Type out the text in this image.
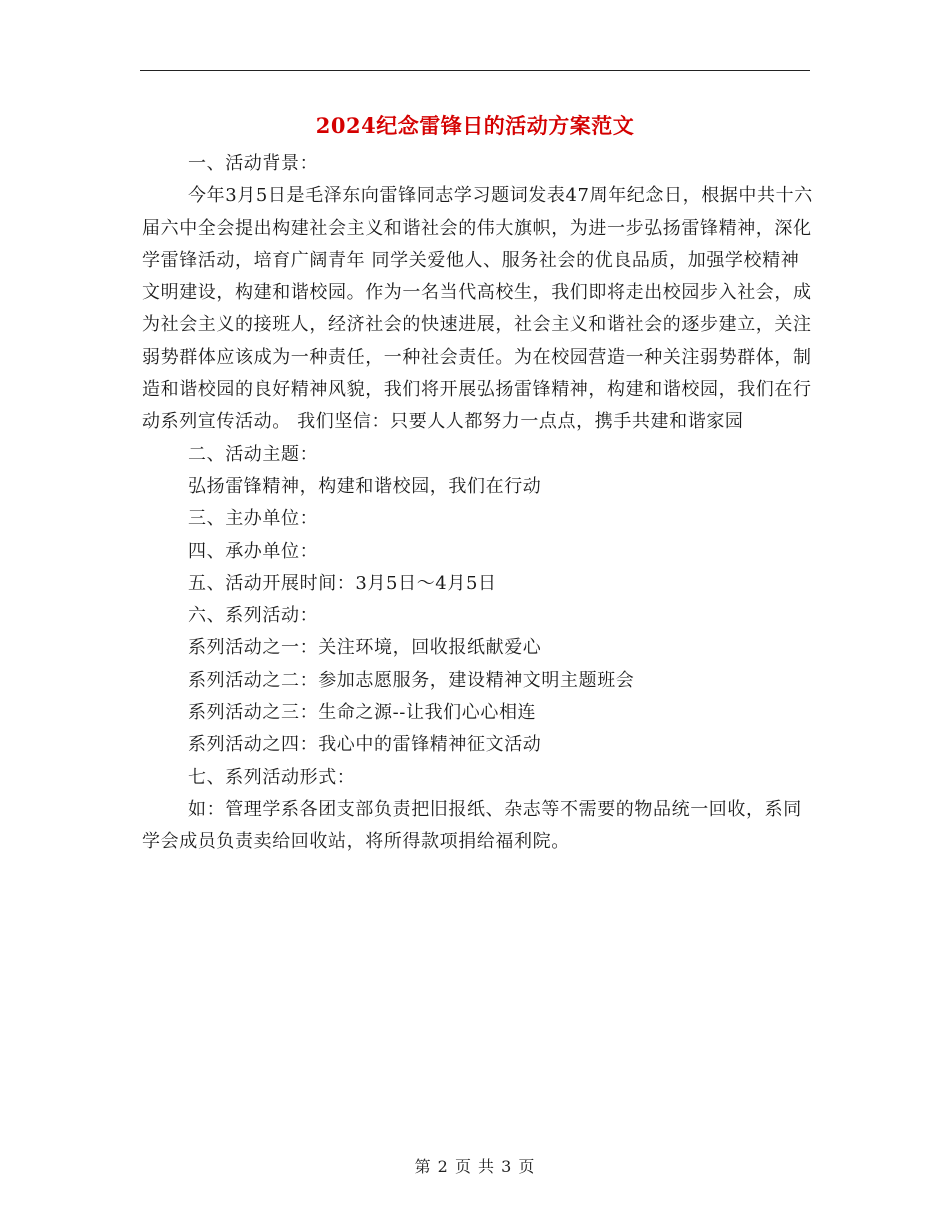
2024纪念雷锋日的活动方案范文

一、活动背景：

今年3月5日是毛泽东向雷锋同志学习题词发表47周年纪念日，根据中共十六届六中全会提出构建社会主义和谐社会的伟大旗帜，为进一步弘扬雷锋精神，深化学雷锋活动，培育广阔青年 同学关爱他人、服务社会的优良品质，加强学校精神文明建设，构建和谐校园。作为一名当代高校生，我们即将走出校园步入社会，成为社会主义的接班人，经济社会的快速进展，社会主义和谐社会的逐步建立，关注弱势群体应该成为一种责任，一种社会责任。为在校园营造一种关注弱势群体，制造和谐校园的良好精神风貌，我们将开展弘扬雷锋精神，构建和谐校园，我们在行动系列宣传活动。 我们坚信：只要人人都努力一点点，携手共建和谐家园

二、活动主题：

弘扬雷锋精神，构建和谐校园，我们在行动

三、主办单位：

四、承办单位：

五、活动开展时间：3月5日～4月5日

六、系列活动：

系列活动之一：关注环境，回收报纸献爱心

系列活动之二：参加志愿服务，建设精神文明主题班会

系列活动之三：生命之源--让我们心心相连

系列活动之四：我心中的雷锋精神征文活动

七、系列活动形式：

如：管理学系各团支部负责把旧报纸、杂志等不需要的物品统一回收，系同学会成员负责卖给回收站，将所得款项捐给福利院。

第 2 页 共 3 页
